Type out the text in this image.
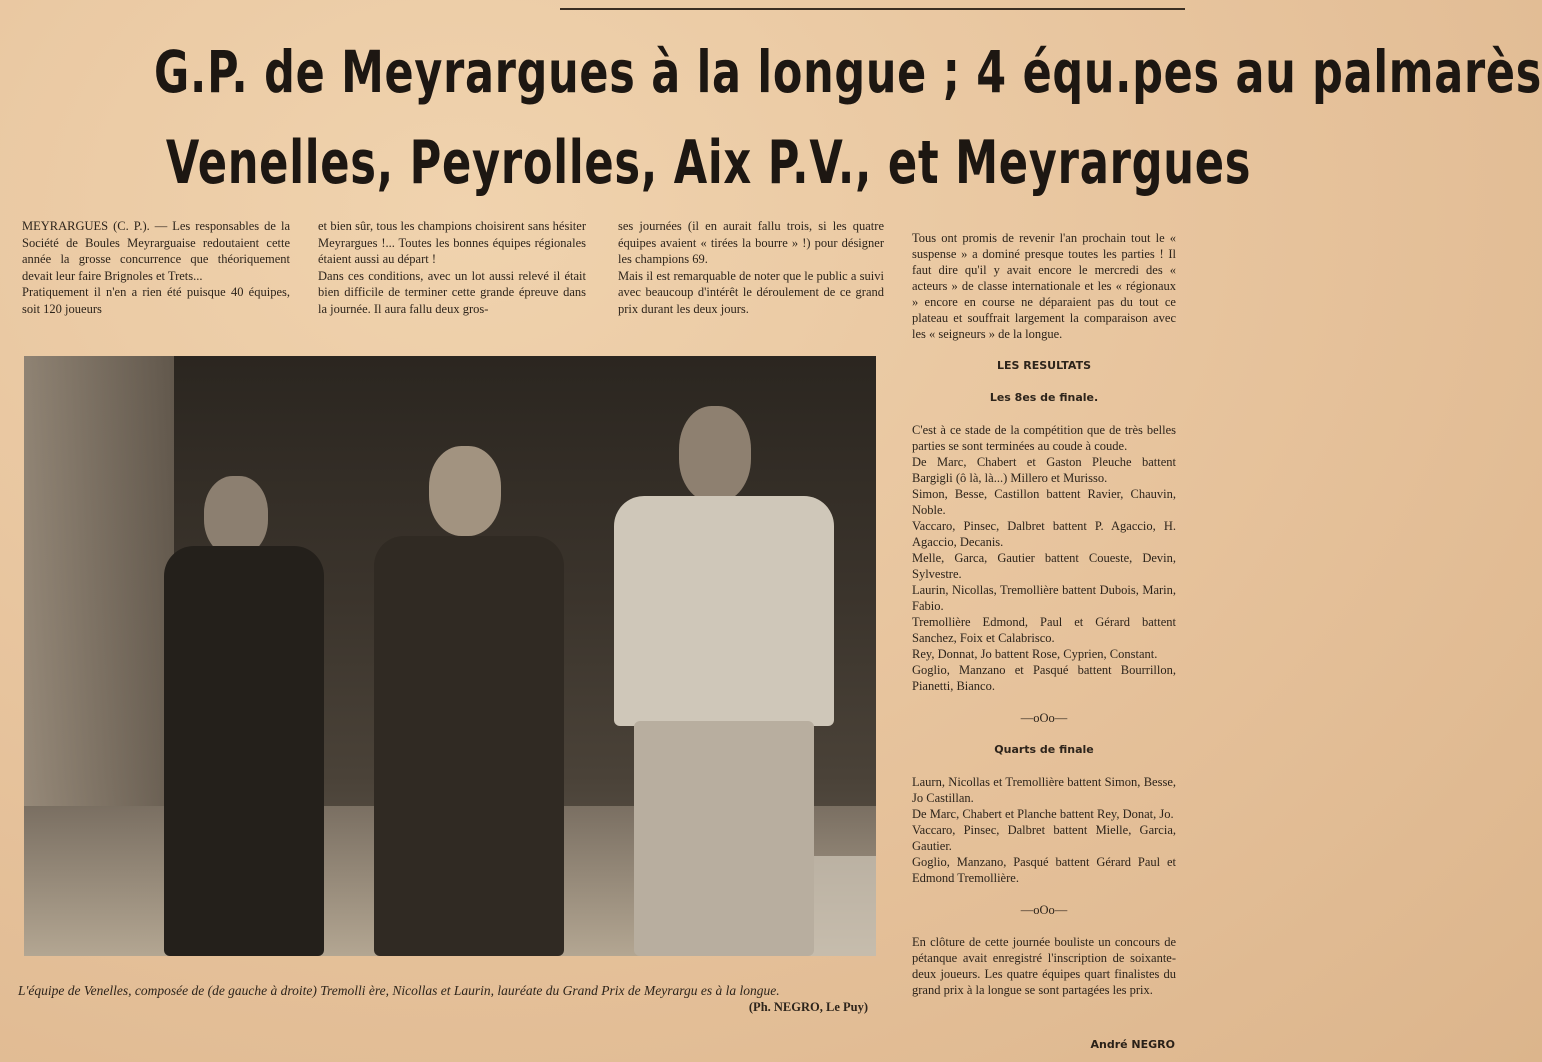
G.P. de Meyrargues à la longue ; 4 équ.pes au palmarès
Venelles, Peyrolles, Aix P.V., et Meyrargues
MEYRARGUES (C. P.). — Les responsables de la Société de Boules Meyrarguaise redoutaient cette année la grosse concurrence que théoriquement devait leur faire Brignoles et Trets...
Pratiquement il n'en a rien été puisque 40 équipes, soit 120 joueurs
et bien sûr, tous les champions choisirent sans hésiter Meyrargues !... Toutes les bonnes équipes régionales étaient aussi au départ !
Dans ces conditions, avec un lot aussi relevé il était bien difficile de terminer cette grande épreuve dans la journée. Il aura fallu deux gros-
ses journées (il en aurait fallu trois, si les quatre équipes avaient « tirées la bourre » !) pour désigner les champions 69.
Mais il est remarquable de noter que le public a suivi avec beaucoup d'intérêt le déroulement de ce grand prix durant les deux jours.

Tous ont promis de revenir l'an prochain tout le « suspense » a dominé presque toutes les parties ! Il faut dire qu'il y avait encore le mercredi des « acteurs » de classe internationale et les « régionaux » encore en course ne déparaient pas du tout ce plateau et souffrait largement la comparaison avec les « seigneurs » de la longue.

LES RESULTATS

Les 8es de finale.

C'est à ce stade de la compétition que de très belles parties se sont terminées au coude à coude.
De Marc, Chabert et Gaston Pleuche battent Bargigli (ô là, là...) Millero et Murisso.
Simon, Besse, Castillon battent Ravier, Chauvin, Noble.
Vaccaro, Pinsec, Dalbret battent P. Agaccio, H. Agaccio, Decanis.
Melle, Garca, Gautier battent Coueste, Devin, Sylvestre.
Laurin, Nicollas, Tremollière battent Dubois, Marin, Fabio.
Tremollière Edmond, Paul et Gérard battent Sanchez, Foix et Calabrisco.
Rey, Donnat, Jo battent Rose, Cyprien, Constant.
Goglio, Manzano et Pasqué battent Bourrillon, Pianetti, Bianco.

—oOo—

Quarts de finale

Laurn, Nicollas et Tremollière battent Simon, Besse, Jo Castillan.
De Marc, Chabert et Planche battent Rey, Donat, Jo.
Vaccaro, Pinsec, Dalbret battent Mielle, Garcia, Gautier.
Goglio, Manzano, Pasqué battent Gérard Paul et Edmond Tremollière.

—oOo—

En clôture de cette journée bouliste un concours de pétanque avait enregistré l'inscription de soixante-deux joueurs. Les quatre équipes quart finalistes du grand prix à la longue se sont partagées les prix.

L'équipe de Venelles, composée de (de gauche à droite) Tremolli ère, Nicollas et Laurin, lauréate du Grand Prix de Meyrargu es à la longue.
(Ph. NEGRO, Le Puy)
André NEGRO
